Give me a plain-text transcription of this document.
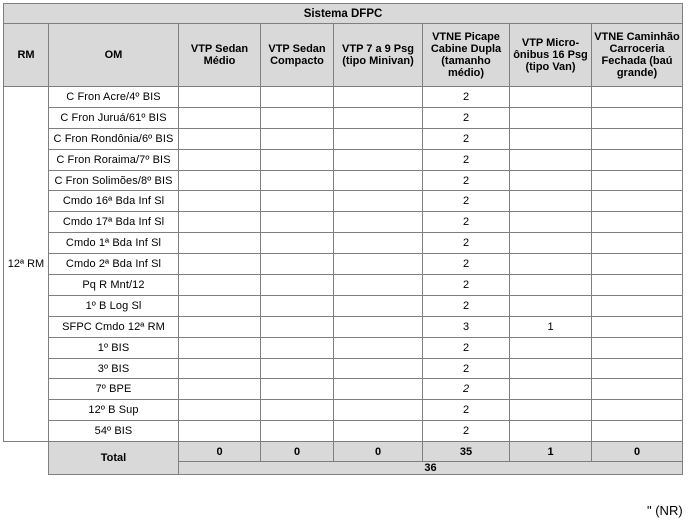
Sistema DFPC							
RM	OM	VTP Sedan Médio	VTP Sedan Compacto	VTP 7 a 9 Psg (tipo Minivan)	VTNE Picape Cabine Dupla (tamanho médio)	VTP Micro-ônibus 16 Psg (tipo Van)	VTNE Caminhão Carroceria Fechada (baú grande)
12ª RM	C Fron Acre/4º BIS				2		
	C Fron Juruá/61º BIS				2		
	C Fron Rondônia/6º BIS				2		
	C Fron Roraima/7º BIS				2		
	C Fron Solimões/8º BIS				2		
	Cmdo 16ª Bda Inf Sl				2		
	Cmdo 17ª Bda Inf Sl				2		
	Cmdo 1ª Bda Inf Sl				2		
	Cmdo 2ª Bda Inf Sl				2		
	Pq R Mnt/12				2		
	1º B Log Sl				2		
	SFPC Cmdo 12ª RM				3	1	
	1º BIS				2		
	3º BIS				2		
	7º BPE				2		
	12º B Sup				2		
	54º BIS				2		
	Total	0	0	0	35	1	0
		36					
" (NR)
